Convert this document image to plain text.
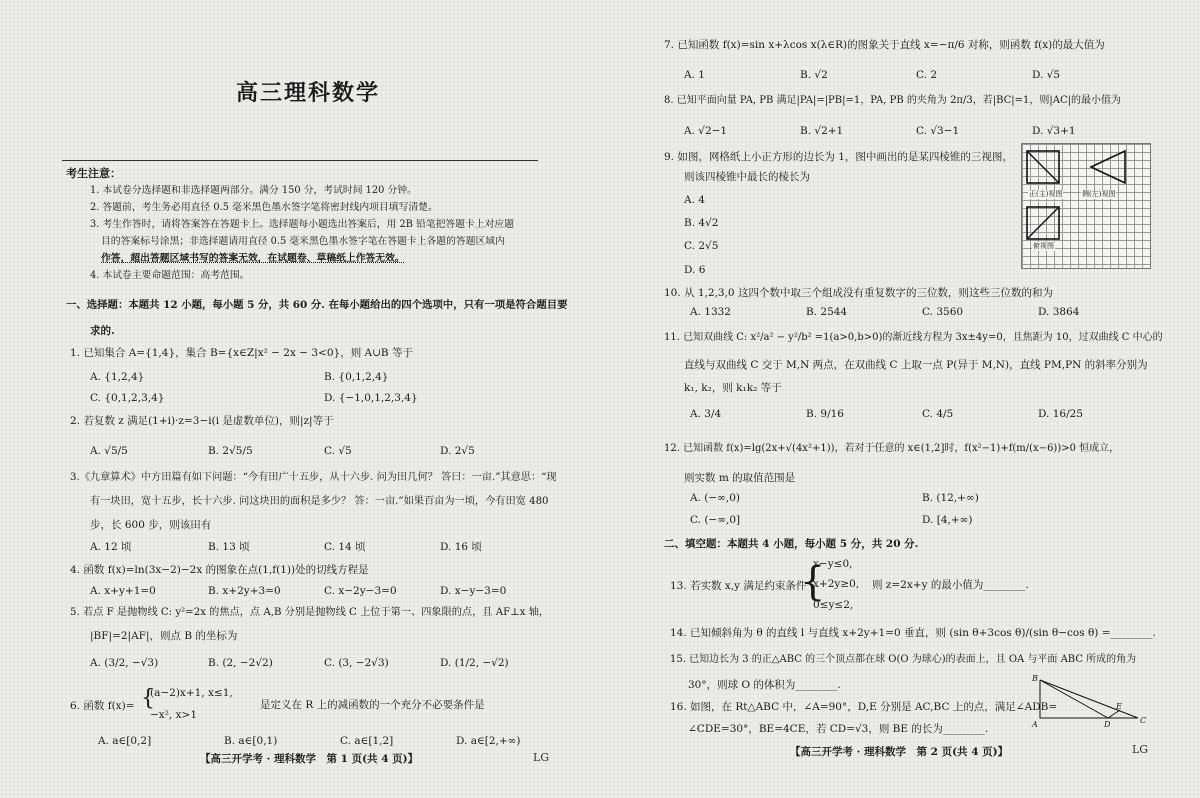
高三理科数学
考生注意：
1. 本试卷分选择题和非选择题两部分。满分 150 分，考试时间 120 分钟。
2. 答题前，考生务必用直径 0.5 毫米黑色墨水签字笔将密封线内项目填写清楚。
3. 考生作答时，请将答案答在答题卡上。选择题每小题选出答案后，用 2B 铅笔把答题卡上对应题
目的答案标号涂黑；非选择题请用直径 0.5 毫米黑色墨水签字笔在答题卡上各题的答题区域内
作答，超出答题区域书写的答案无效，在试题卷、草稿纸上作答无效。
4. 本试卷主要命题范围：高考范围。
一、选择题：本题共 12 小题，每小题 5 分，共 60 分. 在每小题给出的四个选项中，只有一项是符合题目要
求的.
1. 已知集合 A={1,4}，集合 B={x∈Z|x² − 2x − 3<0}，则 A∪B 等于
A. {1,2,4}	B. {0,1,2,4}
C. {0,1,2,3,4}	D. {−1,0,1,2,3,4}
2. 若复数 z 满足(1+i)·z=3−i(i 是虚数单位)，则|z|等于
A. √5/5	B. 2√5/5	C. √5	D. 2√5
3.《九章算术》中方田篇有如下问题：“今有田广十五步，从十六步. 问为田几何？ 答曰：一亩.”其意思：“现
有一块田，宽十五步，长十六步. 问这块田的面积是多少？ 答：一亩.”如果百亩为一顷，今有田宽 480
步，长 600 步，则该田有
A. 12 顷	B. 13 顷	C. 14 顷	D. 16 顷
4. 函数 f(x)=ln(3x−2)−2x 的图象在点(1,f(1))处的切线方程是
A. x+y+1=0	B. x+2y+3=0	C. x−2y−3=0	D. x−y−3=0
5. 若点 F 是抛物线 C: y²=2x 的焦点，点 A,B 分别是抛物线 C 上位于第一、四象限的点，且 AF⊥x 轴，
|BF|=2|AF|，则点 B 的坐标为
A. (3/2, −√3)	B. (2, −2√2)	C. (3, −2√3)	D. (1/2, −√2)
6. 函数 f(x)= {
(a−2)x+1, x≤1,
−x², x>1
是定义在 R 上的减函数的一个充分不必要条件是
A. a∈[0,2]	B. a∈[0,1)	C. a∈[1,2]	D. a∈[2,+∞)
【高三开学考 · 理科数学　第 1 页(共 4 页)】	LG
7. 已知函数 f(x)=sin x+λcos x(λ∈R)的图象关于直线 x=−π/6 对称，则函数 f(x)的最大值为
A. 1	B. √2	C. 2	D. √5
8. 已知平面向量 PA, PB 满足|PA|=|PB|=1，PA, PB 的夹角为 2π/3，若|BC|=1，则|AC|的最小值为
A. √2−1	B. √2+1	C. √3−1	D. √3+1
9. 如图，网格纸上小正方形的边长为 1，图中画出的是某四棱锥的三视图，
则该四棱锥中最长的棱长为
A. 4
B. 4√2
C. 2√5
D. 6
正(主)视图	侧(左)视图
俯视图
10. 从 1,2,3,0 这四个数中取三个组成没有重复数字的三位数，则这些三位数的和为
A. 1332	B. 2544	C. 3560	D. 3864
11. 已知双曲线 C: x²/a² − y²/b² =1(a>0,b>0)的渐近线方程为 3x±4y=0，且焦距为 10，过双曲线 C 中心的
直线与双曲线 C 交于 M,N 两点，在双曲线 C 上取一点 P(异于 M,N)，直线 PM,PN 的斜率分别为
k₁, k₂，则 k₁k₂ 等于
A. 3/4	B. 9/16	C. 4/5	D. 16/25
12. 已知函数 f(x)=lg(2x+√(4x²+1))，若对于任意的 x∈(1,2]时，f(x²−1)+f(m/(x−6))>0 恒成立，
则实数 m 的取值范围是
A. (−∞,0)	B. (12,+∞)
C. (−∞,0]	D. [4,+∞)
二、填空题：本题共 4 小题，每小题 5 分，共 20 分.
13. 若实数 x,y 满足约束条件
{
x−y≤0,
x+2y≥0,
0≤y≤2,
则 z=2x+y 的最小值为________.
14. 已知倾斜角为 θ 的直线 l 与直线 x+2y+1=0 垂直，则 (sin θ+3cos θ)/(sin θ−cos θ) =________.
15. 已知边长为 3 的正△ABC 的三个顶点都在球 O(O 为球心)的表面上，且 OA 与平面 ABC 所成的角为
30°，则球 O 的体积为________.
16. 如图，在 Rt△ABC 中，∠A=90°，D,E 分别是 AC,BC 上的点，满足∠ADB=
∠CDE=30°，BE=4CE，若 CD=√3，则 BE 的长为________.
B
A	D
E
C
【高三开学考 · 理科数学　第 2 页(共 4 页)】	LG
